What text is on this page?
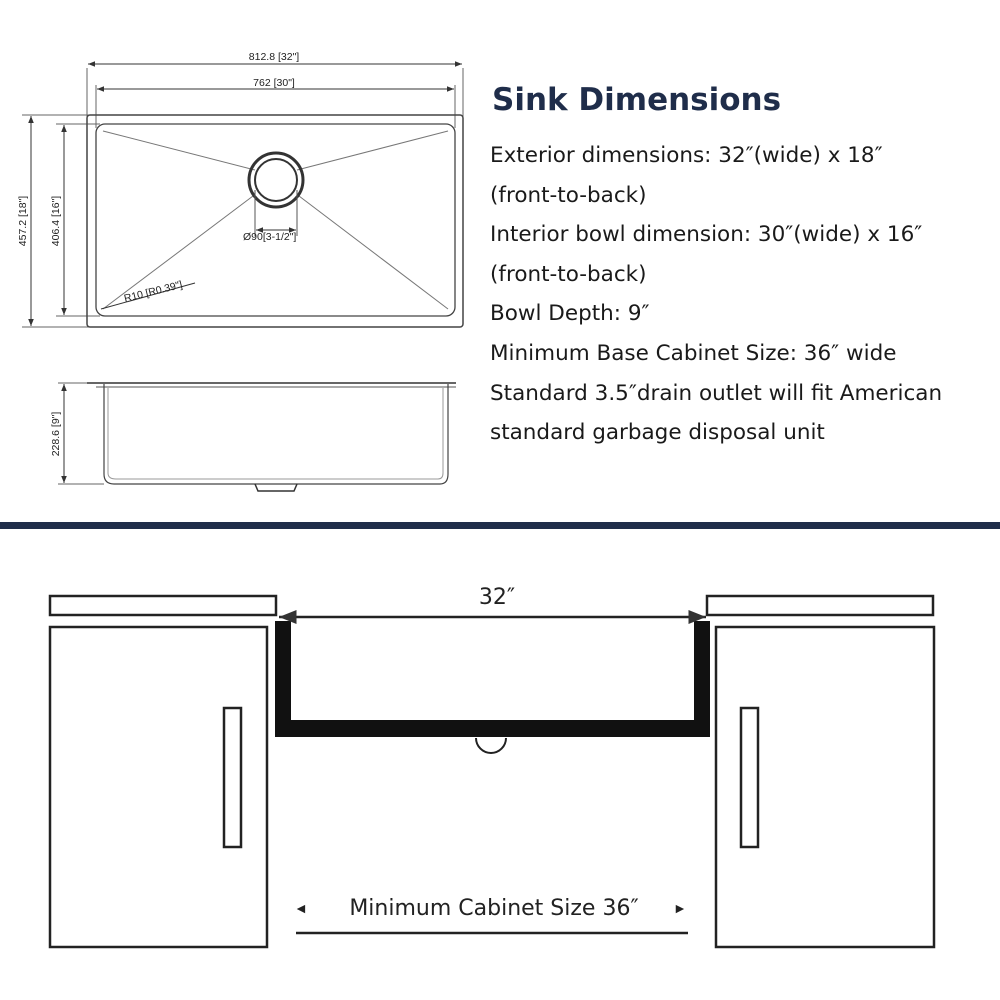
812.8 [32"]
762 [30"]
457.2 [18"] 406.4 [16"]	Ø90[3-1/2"]
R10 [R0.39"]
228.6 [9"]
32″
◄ Minimum Cabinet Size 36″ ►
Sink Dimensions
Exterior dimensions: 32″(wide) x 18″
(front-to-back)
Interior bowl dimension: 30″(wide) x 16″
(front-to-back)
Bowl Depth: 9″
Minimum Base Cabinet Size: 36″ wide
Standard 3.5″drain outlet will fit American
standard garbage disposal unit
